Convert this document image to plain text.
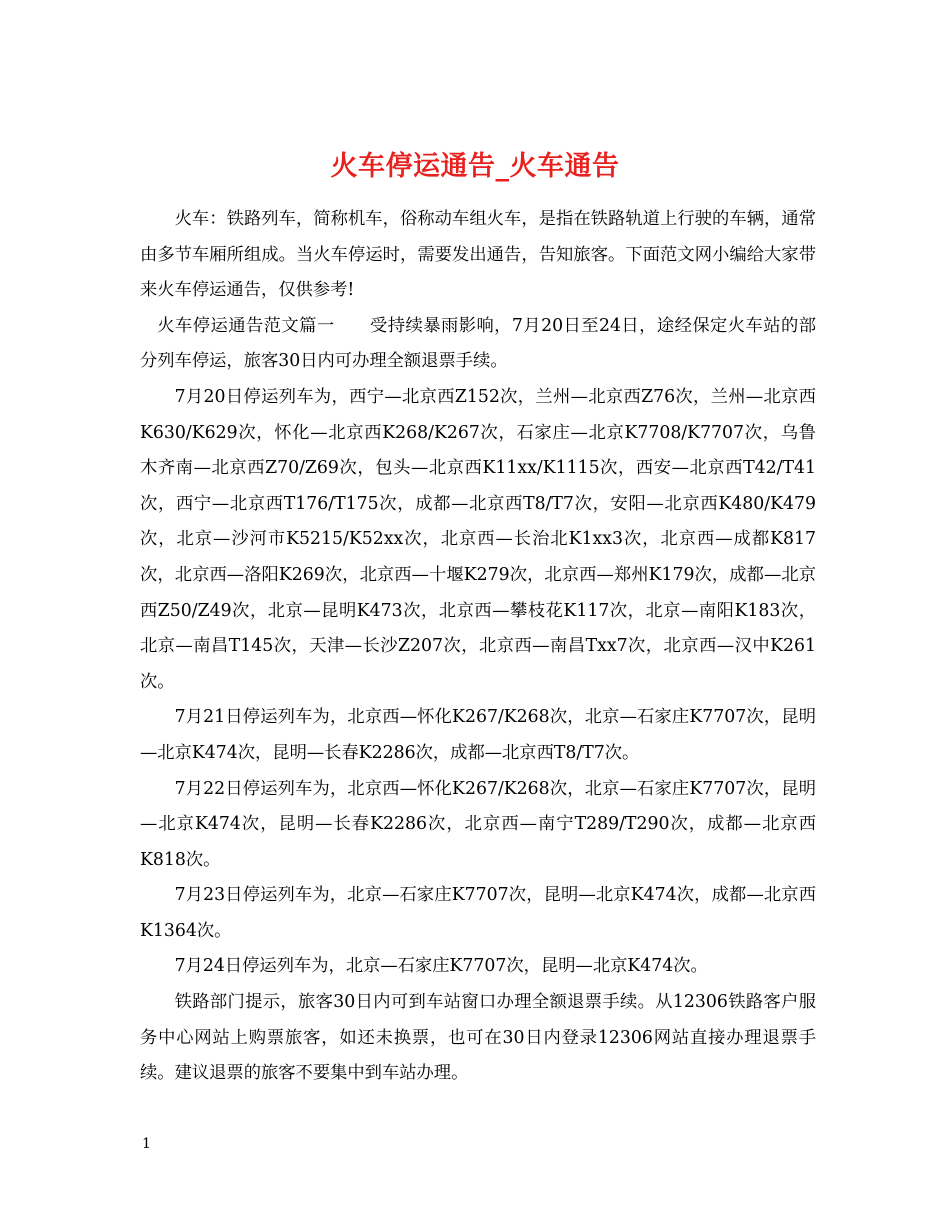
火车停运通告_火车通告

火车：铁路列车，简称机车，俗称动车组火车，是指在铁路轨道上行驶的车辆，通常由多节车厢所组成。当火车停运时，需要发出通告，告知旅客。下面范文网小编给大家带来火车停运通告，仅供参考!

火车停运通告范文篇一　　受持续暴雨影响，7月20日至24日，途经保定火车站的部分列车停运，旅客30日内可办理全额退票手续。

7月20日停运列车为，西宁—北京西Z152次，兰州—北京西Z76次，兰州—北京西K630/K629次，怀化—北京西K268/K267次，石家庄—北京K7708/K7707次，乌鲁木齐南—北京西Z70/Z69次，包头—北京西K11xx/K1115次，西安—北京西T42/T41次，西宁—北京西T176/T175次，成都—北京西T8/T7次，安阳—北京西K480/K479次，北京—沙河市K5215/K52xx次，北京西—长治北K1xx3次，北京西—成都K817次，北京西—洛阳K269次，北京西—十堰K279次，北京西—郑州K179次，成都—北京西Z50/Z49次，北京—昆明K473次，北京西—攀枝花K117次，北京—南阳K183次，北京—南昌T145次，天津—长沙Z207次，北京西—南昌Txx7次，北京西—汉中K261次。

7月21日停运列车为，北京西—怀化K267/K268次，北京—石家庄K7707次，昆明—北京K474次，昆明—长春K2286次，成都—北京西T8/T7次。

7月22日停运列车为，北京西—怀化K267/K268次，北京—石家庄K7707次，昆明—北京K474次，昆明—长春K2286次，北京西—南宁T289/T290次，成都—北京西K818次。

7月23日停运列车为，北京—石家庄K7707次，昆明—北京K474次，成都—北京西K1364次。

7月24日停运列车为，北京—石家庄K7707次，昆明—北京K474次。

铁路部门提示，旅客30日内可到车站窗口办理全额退票手续。从12306铁路客户服务中心网站上购票旅客，如还未换票，也可在30日内登录12306网站直接办理退票手续。建议退票的旅客不要集中到车站办理。

1
